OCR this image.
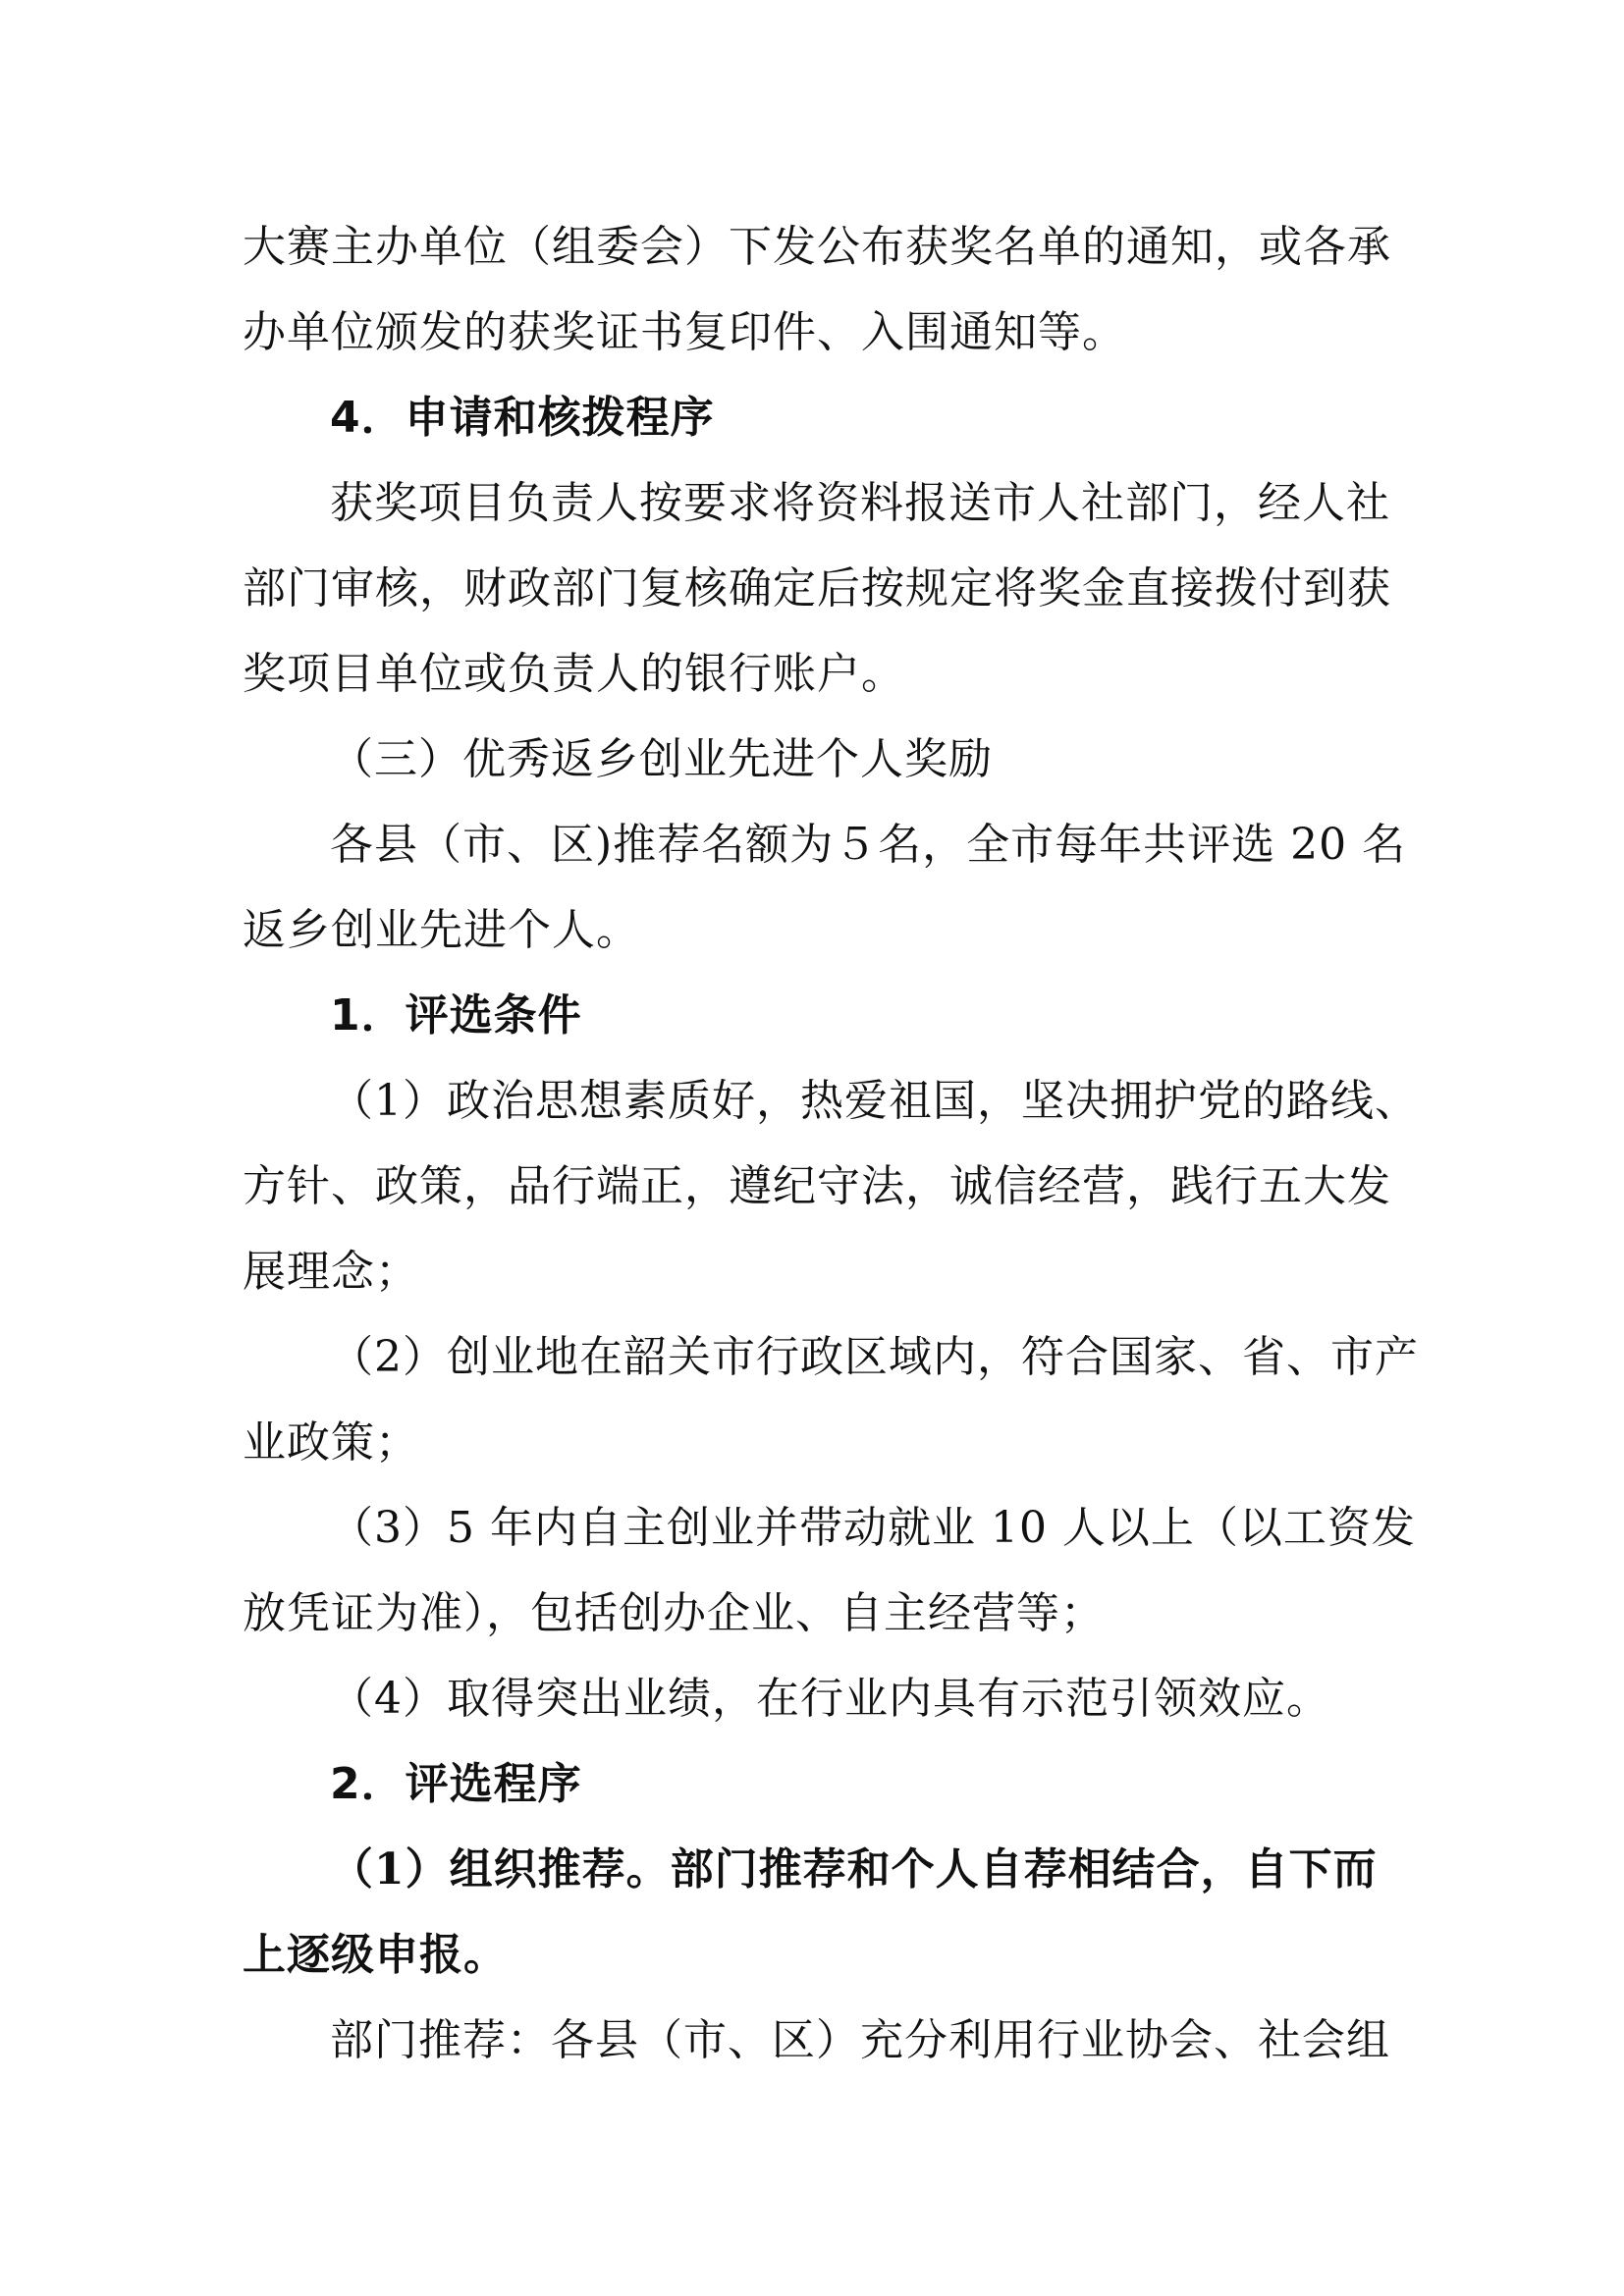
大赛主办单位（组委会）下发公布获奖名单的通知，或各承
办单位颁发的获奖证书复印件、入围通知等。
4．申请和核拨程序
获奖项目负责人按要求将资料报送市人社部门，经人社
部门审核，财政部门复核确定后按规定将奖金直接拨付到获
奖项目单位或负责人的银行账户。
（三）优秀返乡创业先进个人奖励
各县（市、区)推荐名额为５名，全市每年共评选 20 名
返乡创业先进个人。
1．评选条件
（1）政治思想素质好，热爱祖国，坚决拥护党的路线、
方针、政策，品行端正，遵纪守法，诚信经营，践行五大发
展理念；
（2）创业地在韶关市行政区域内，符合国家、省、市产
业政策；
（3）5 年内自主创业并带动就业 10 人以上（以工资发
放凭证为准），包括创办企业、自主经营等；
（4）取得突出业绩，在行业内具有示范引领效应。
2．评选程序
（1）组织推荐。部门推荐和个人自荐相结合，自下而
上逐级申报。
部门推荐：各县（市、区）充分利用行业协会、社会组
